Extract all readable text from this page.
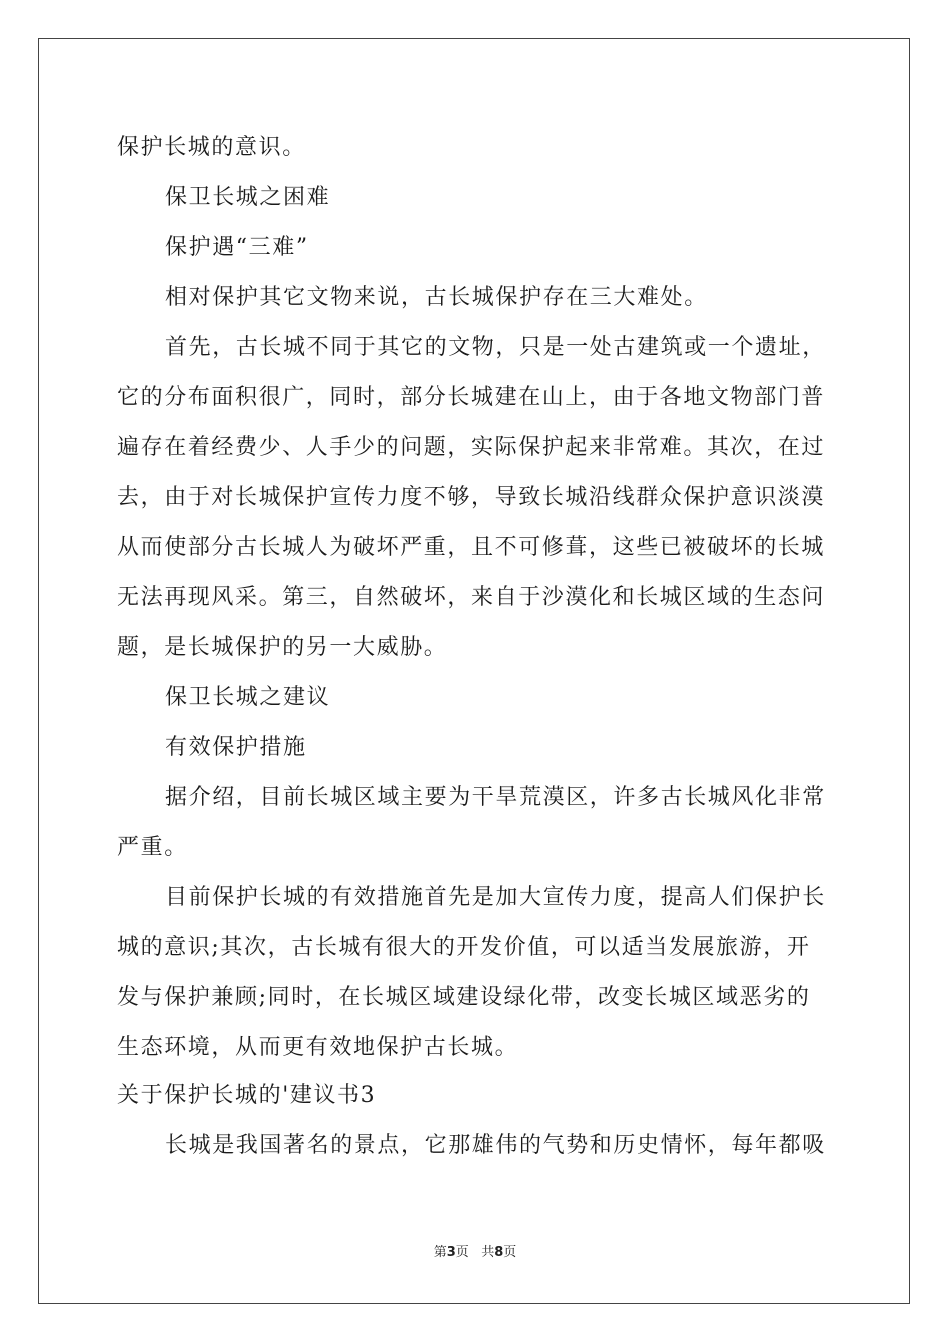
保护长城的意识。
保卫长城之困难
保护遇“三难”
相对保护其它文物来说，古长城保护存在三大难处。
首先，古长城不同于其它的文物，只是一处古建筑或一个遗址，
它的分布面积很广，同时，部分长城建在山上，由于各地文物部门普
遍存在着经费少、人手少的问题，实际保护起来非常难。其次，在过
去，由于对长城保护宣传力度不够，导致长城沿线群众保护意识淡漠
从而使部分古长城人为破坏严重，且不可修葺，这些已被破坏的长城
无法再现风采。第三，自然破坏，来自于沙漠化和长城区域的生态问
题，是长城保护的另一大威胁。
保卫长城之建议
有效保护措施
据介绍，目前长城区域主要为干旱荒漠区，许多古长城风化非常
严重。
目前保护长城的有效措施首先是加大宣传力度，提高人们保护长
城的意识;其次，古长城有很大的开发价值，可以适当发展旅游，开
发与保护兼顾;同时，在长城区域建设绿化带，改变长城区域恶劣的
生态环境，从而更有效地保护古长城。
关于保护长城的'建议书3
长城是我国著名的景点，它那雄伟的气势和历史情怀，每年都吸
第3页 共8页
